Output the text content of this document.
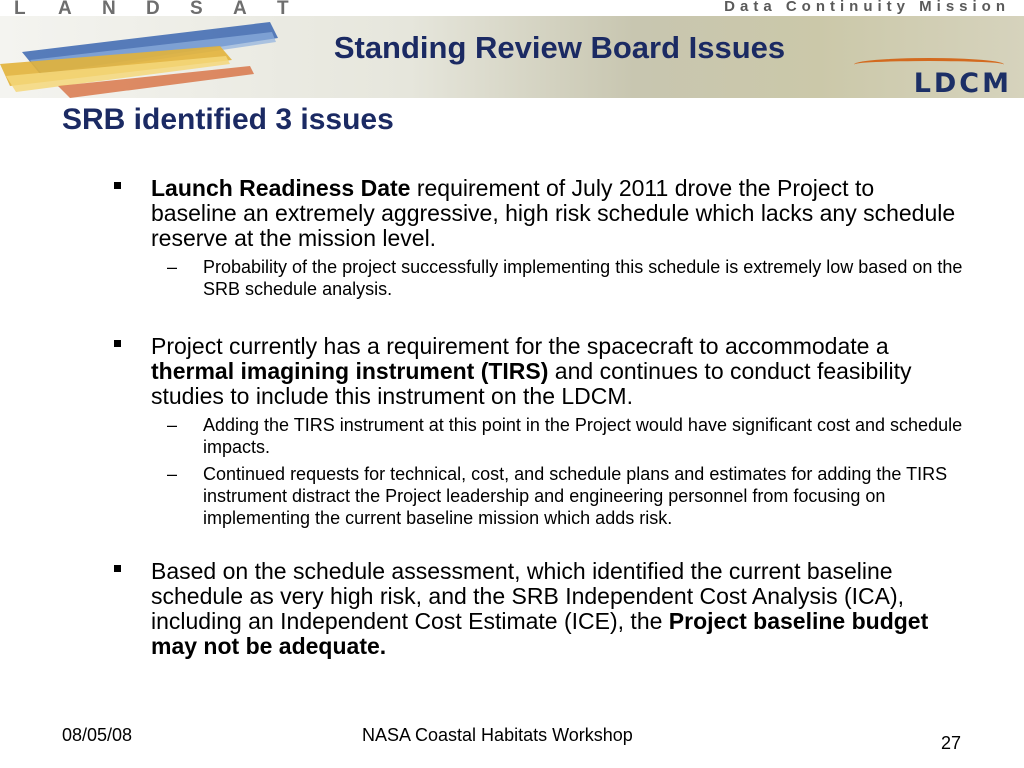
L A N D S A T	Data Continuity Mission
LDCM
Standing Review Board Issues
SRB identified 3 issues
Launch Readiness Date requirement of July 2011 drove the Project to baseline an extremely aggressive, high risk schedule which lacks any schedule reserve at the mission level.
– Probability of the project successfully implementing this schedule is extremely low based on the SRB schedule analysis.
Project currently has a requirement for the spacecraft to accommodate a thermal imagining instrument (TIRS) and continues to conduct feasibility studies to include this instrument on the LDCM.
– Adding the TIRS instrument at this point in the Project would have significant cost and schedule impacts.
– Continued requests for technical, cost, and schedule plans and estimates for adding the TIRS instrument distract the Project leadership and engineering personnel from focusing on implementing the current baseline mission which adds risk.
Based on the schedule assessment, which identified the current baseline schedule as very high risk, and the SRB Independent Cost Analysis (ICA), including an Independent Cost Estimate (ICE), the Project baseline budget may not be adequate.
08/05/08	NASA Coastal Habitats Workshop	27
